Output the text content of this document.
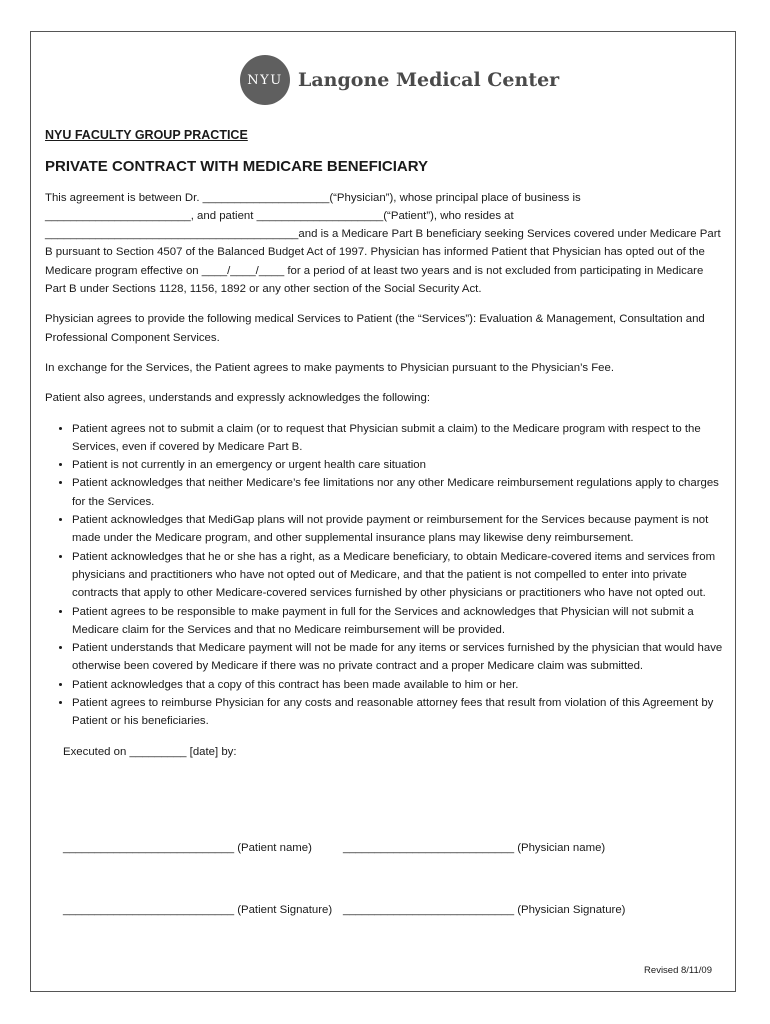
NYU Langone Medical Center
NYU FACULTY GROUP PRACTICE
PRIVATE CONTRACT WITH MEDICARE BENEFICIARY

This agreement is between Dr. ____________________(“Physician”), whose principal place of business is _______________________, and patient ____________________(“Patient”), who resides at ________________________________________and is a Medicare Part B beneficiary seeking Services covered under Medicare Part B pursuant to Section 4507 of the Balanced Budget Act of 1997. Physician has informed Patient that Physician has opted out of the Medicare program effective on ____/____/____ for a period of at least two years and is not excluded from participating in Medicare Part B under Sections 1128, 1156, 1892 or any other section of the Social Security Act.

Physician agrees to provide the following medical Services to Patient (the “Services”): Evaluation & Management, Consultation and Professional Component Services.

In exchange for the Services, the Patient agrees to make payments to Physician pursuant to the Physician’s Fee.

Patient also agrees, understands and expressly acknowledges the following:

• Patient agrees not to submit a claim (or to request that Physician submit a claim) to the Medicare program with respect to the Services, even if covered by Medicare Part B.
• Patient is not currently in an emergency or urgent health care situation
• Patient acknowledges that neither Medicare’s fee limitations nor any other Medicare reimbursement regulations apply to charges for the Services.
• Patient acknowledges that MediGap plans will not provide payment or reimbursement for the Services because payment is not made under the Medicare program, and other supplemental insurance plans may likewise deny reimbursement.
• Patient acknowledges that he or she has a right, as a Medicare beneficiary, to obtain Medicare-covered items and services from physicians and practitioners who have not opted out of Medicare, and that the patient is not compelled to enter into private contracts that apply to other Medicare-covered services furnished by other physicians or practitioners who have not opted out.
• Patient agrees to be responsible to make payment in full for the Services and acknowledges that Physician will not submit a Medicare claim for the Services and that no Medicare reimbursement will be provided.
• Patient understands that Medicare payment will not be made for any items or services furnished by the physician that would have otherwise been covered by Medicare if there was no private contract and a proper Medicare claim was submitted.
• Patient acknowledges that a copy of this contract has been made available to him or her.
• Patient agrees to reimburse Physician for any costs and reasonable attorney fees that result from violation of this Agreement by Patient or his beneficiaries.
Executed on _________ [date] by:
___________________________ (Patient name)	___________________________ (Physician name)
___________________________ (Patient Signature) ___________________________ (Physician Signature)
Revised 8/11/09
